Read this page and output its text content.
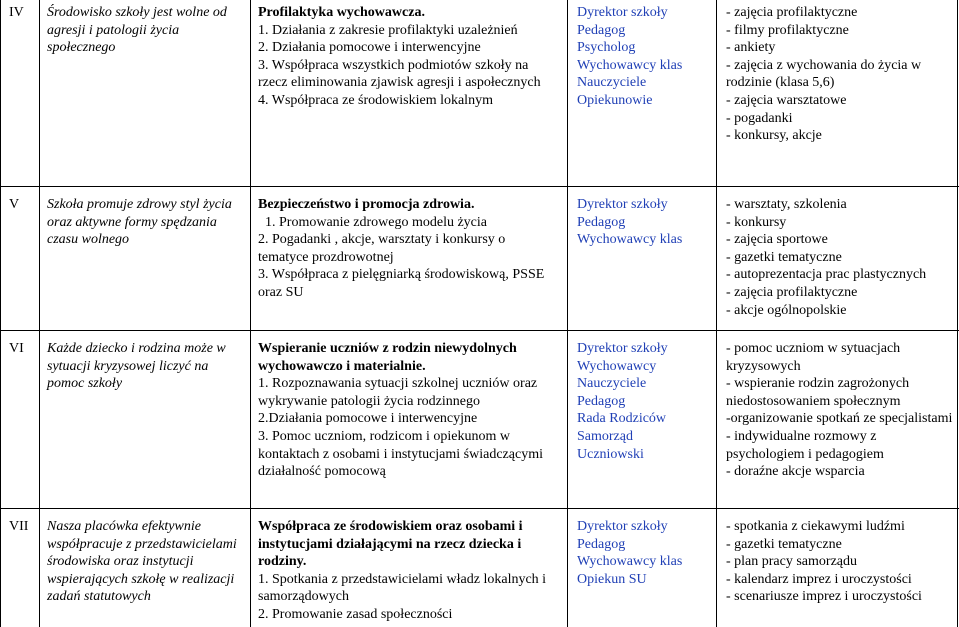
IV Środowisko szkoły jest wolne od agresji i patologii życia społecznego
Profilaktyka wychowawcza.
1. Działania z zakresie profilaktyki uzależnień
2. Działania pomocowe i interwencyjne
3. Współpraca wszystkich podmiotów szkoły na rzecz eliminowania zjawisk agresji i aspołecznych
4. Współpraca ze środowiskiem lokalnym
Dyrektor szkoły
Pedagog
Psycholog
Wychowawcy klas
Nauczyciele
Opiekunowie
- zajęcia profilaktyczne
- filmy profilaktyczne
- ankiety
- zajęcia z wychowania do życia w rodzinie (klasa 5,6)
- zajęcia warsztatowe
- pogadanki
- konkursy, akcje
V Szkoła promuje zdrowy styl życia oraz aktywne formy spędzania czasu wolnego
Bezpieczeństwo i promocja zdrowia.
1. Promowanie zdrowego modelu życia
2. Pogadanki , akcje, warsztaty i konkursy o tematyce prozdrowotnej
3. Współpraca z pielęgniarką środowiskową, PSSE oraz SU
Dyrektor szkoły
Pedagog
Wychowawcy klas
- warsztaty, szkolenia
- konkursy
- zajęcia sportowe
- gazetki tematyczne
- autoprezentacja prac plastycznych
- zajęcia profilaktyczne
- akcje ogólnopolskie
VI Każde dziecko i rodzina może w sytuacji kryzysowej liczyć na pomoc szkoły
Wspieranie uczniów z rodzin niewydolnych wychowawczo i materialnie.
1. Rozpoznawania sytuacji szkolnej uczniów oraz wykrywanie patologii życia rodzinnego
2.Działania pomocowe i interwencyjne
3. Pomoc uczniom, rodzicom i opiekunom w kontaktach z osobami i instytucjami świadczącymi działalność pomocową
Dyrektor szkoły
Wychowawcy
Nauczyciele
Pedagog
Rada Rodziców
Samorząd
Uczniowski
- pomoc uczniom w sytuacjach kryzysowych
- wspieranie rodzin zagrożonych niedostosowaniem społecznym
-organizowanie spotkań ze specjalistami
- indywidualne rozmowy z psychologiem i pedagogiem
- doraźne akcje wsparcia
VII Nasza placówka efektywnie współpracuje z przedstawicielami środowiska oraz instytucji wspierających szkołę w realizacji zadań statutowych
Współpraca ze środowiskiem oraz osobami i instytucjami działającymi na rzecz dziecka i rodziny.
1. Spotkania z przedstawicielami władz lokalnych i samorządowych
2. Promowanie zasad społeczności
Dyrektor szkoły
Pedagog
Wychowawcy klas
Opiekun SU
- spotkania z ciekawymi ludźmi
- gazetki tematyczne
- plan pracy samorządu
- kalendarz imprez i uroczystości
- scenariusze imprez i uroczystości
